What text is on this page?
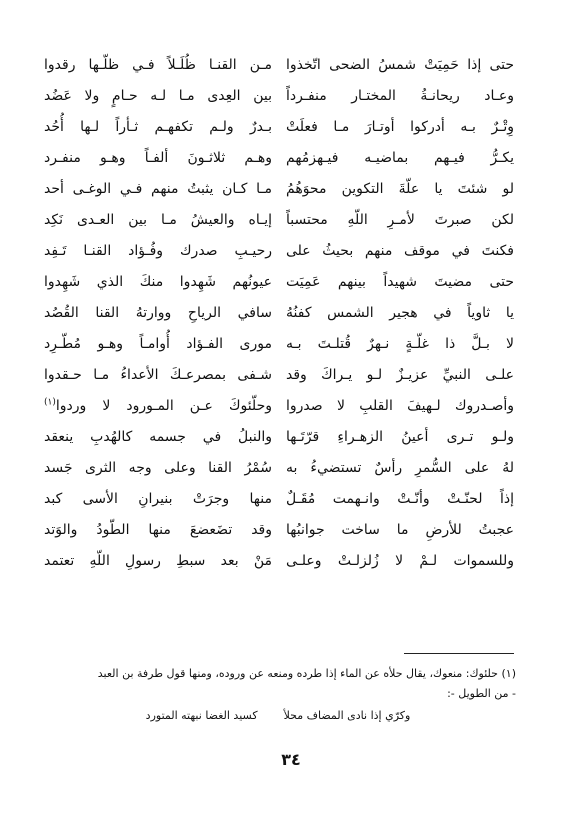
مـن القنـا ظُلَـلاً فـي ظلّـها رقدوا
بين العِدى مـا لـه حـامٍ ولا عَضُد
بـدرٌ ولـم تكفهـم ثـأراً لـها أُحُد
وهـم ثلاثـونَ ألفـاً وهـو منفـرد
مـا كـان يثبتُ منهم فـي الوغـى أحد
إيـاه والعيشُ مـا بين العـدى نَكِد
رحيـبِ صدرك وفُـؤاد القنـا تَـفِد
عيونُهم شَهِدوا منكَ الذي شَهِدوا
سافي الرياحِ ووارتهُ القنا القُصُد
مورى الفـؤاد أُوامـاً وهـو مُطّـرِد
شـفى بمصرعـكَ الأعداءُ مـا حـقدوا
وحلّئوكَ عـن المـورود لا وردوا$^{(١)}$
والنبلُ في جسمه كالهُدبِ ينعقد
سُمْرُ القنا وعلى وجه الثرى جَسد
منها وجرَتْ بنيرانِ الأسى كبد
وقد تضَعضعَ منها الطّودُ والوَتد
مَنْ بعد سبطِ رسولِ اللّهِ تعتمد
حتى إذا حَمِيَتْ شمسُ الضحى اتّخذوا
وعـاد ريحانـةُ المختـار منفـرداً
وِتْـرٌ بـه أدركوا أوتـارَ مـا فعلَتْ
يكـرُّ فيـهم بماضيـه فيـهزمُهم
لو شئتَ يا علّةَ التكوين محوَهُمُ
لكن صبرتَ لأمـرِ اللّهِ محتسباً
فكنتَ في موقف منهم بحيثُ على
حتى مضيتَ شهيداً بينهم عَمِيَت
يا ثاوياً في هجير الشمس كفنُهُ
لا بـلَّ ذا غلّـةٍ نـهرٌ قُتلـتَ بـه
علـى النبيِّ عزيـزٌ لـو يـراكَ وقد
وأصـدروك لـهيفَ القلبِ لا صدروا
ولـو تـرى أعينُ الزهـراءِ قرّتَـها
لهُ على السُّمرِ رأسٌ تستضيءُ به
إذاً لحنّـتْ وأنّـتْ وانـهمت مُقَـلٌ
عجبتُ للأرضِ ما ساخت جوانبُها
وللسموات لـمْ لا زُلزلـتْ وعلـى

(١) حلئوك: منعوك، يقال حلأه عن الماء إذا طرده ومنعه عن وروده، ومنها قول طرفة بن العبد

- من الطويل -:

وكرّي إذا نادى المضاف محلأ
كسيد الغضا نبهته المتورد
٣٤
